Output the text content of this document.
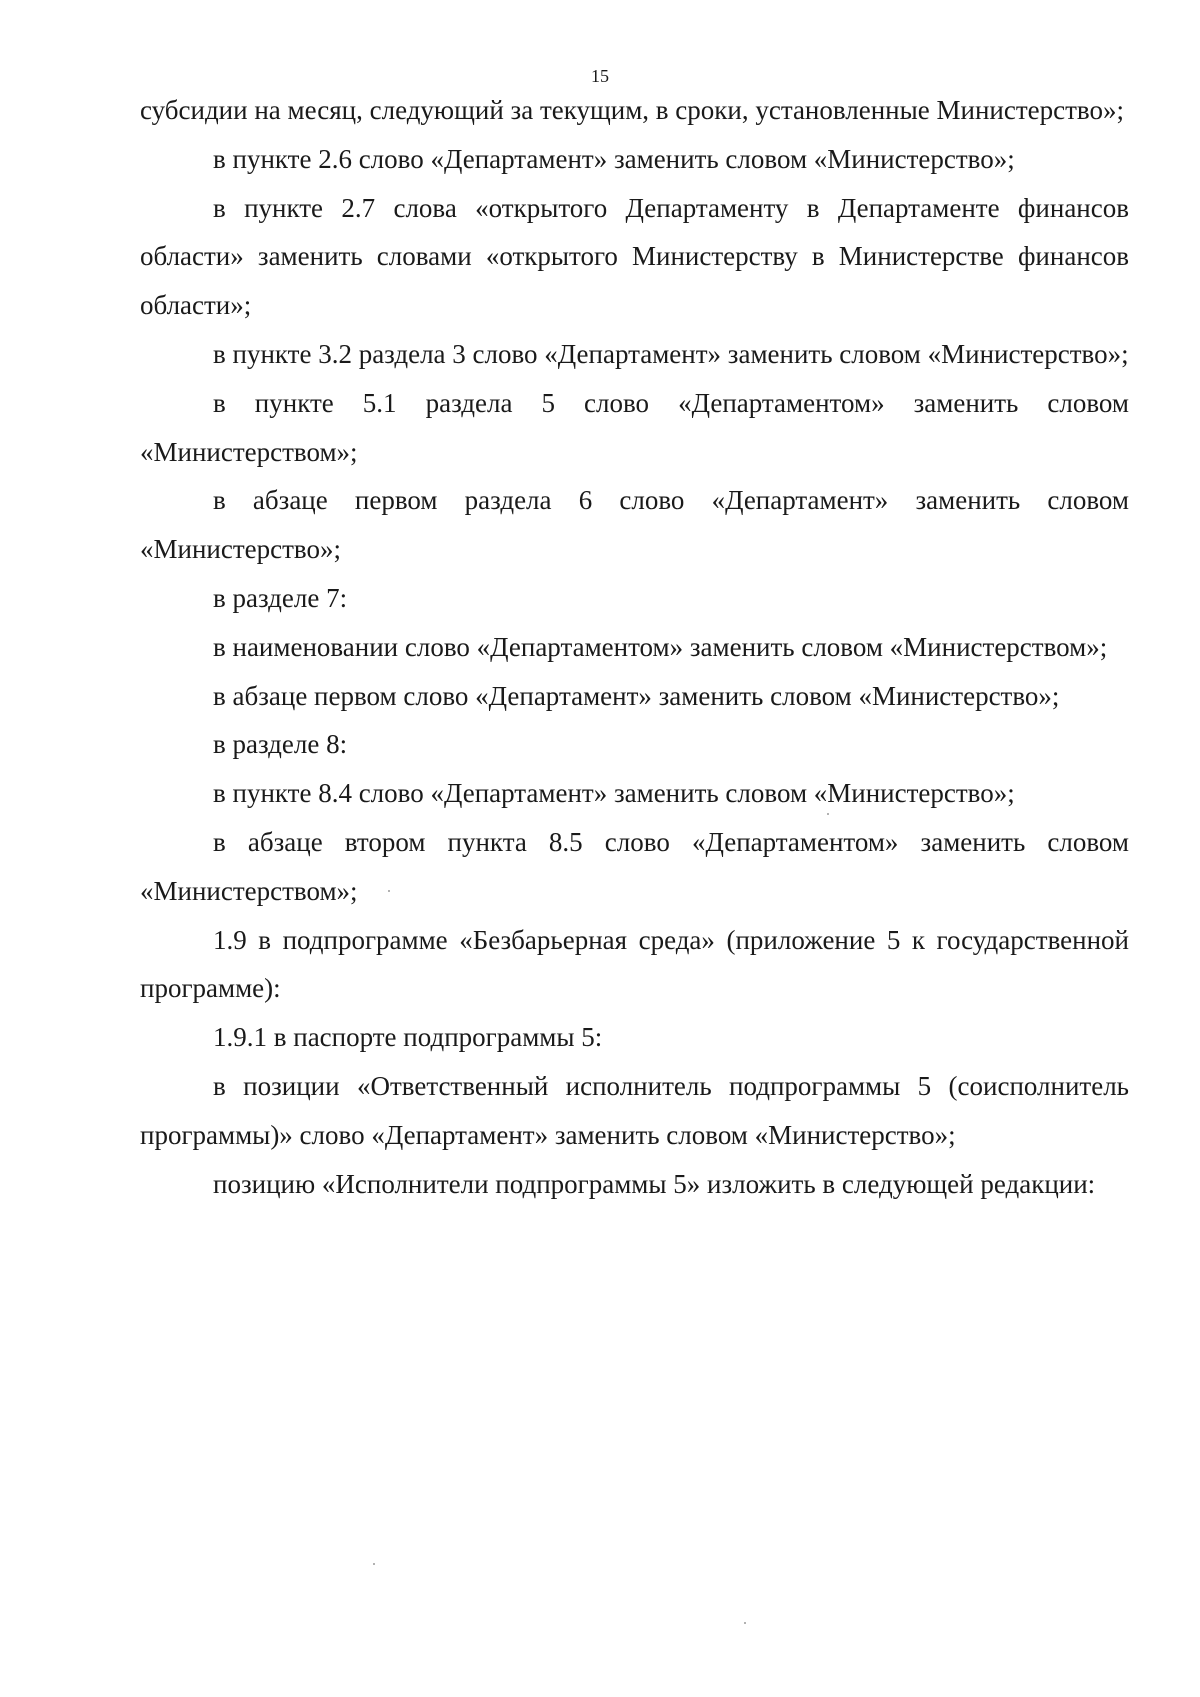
15

субсидии на месяц, следующий за текущим, в сроки, установленные Министерство»;

в пункте 2.6 слово «Департамент» заменить словом «Министерство»;

в пункте 2.7 слова «открытого Департаменту в Департаменте финансов области» заменить словами «открытого Министерству в Министерстве финансов области»;

в пункте 3.2 раздела 3 слово «Департамент» заменить словом «Министерство»;

в пункте 5.1 раздела 5 слово «Департаментом» заменить словом «Министерством»;

в абзаце первом раздела 6 слово «Департамент» заменить словом «Министерство»;

в разделе 7:

в наименовании слово «Департаментом» заменить словом «Министерством»;

в абзаце первом слово «Департамент» заменить словом «Министерство»;

в разделе 8:

в пункте 8.4 слово «Департамент» заменить словом «Министерство»;

в абзаце втором пункта 8.5 слово «Департаментом» заменить словом «Министерством»;

1.9 в подпрограмме «Безбарьерная среда» (приложение 5 к государственной программе):

1.9.1 в паспорте подпрограммы 5:

в позиции «Ответственный исполнитель подпрограммы 5 (соисполнитель программы)» слово «Департамент» заменить словом «Министерство»;

позицию «Исполнители подпрограммы 5» изложить в следующей редакции:
